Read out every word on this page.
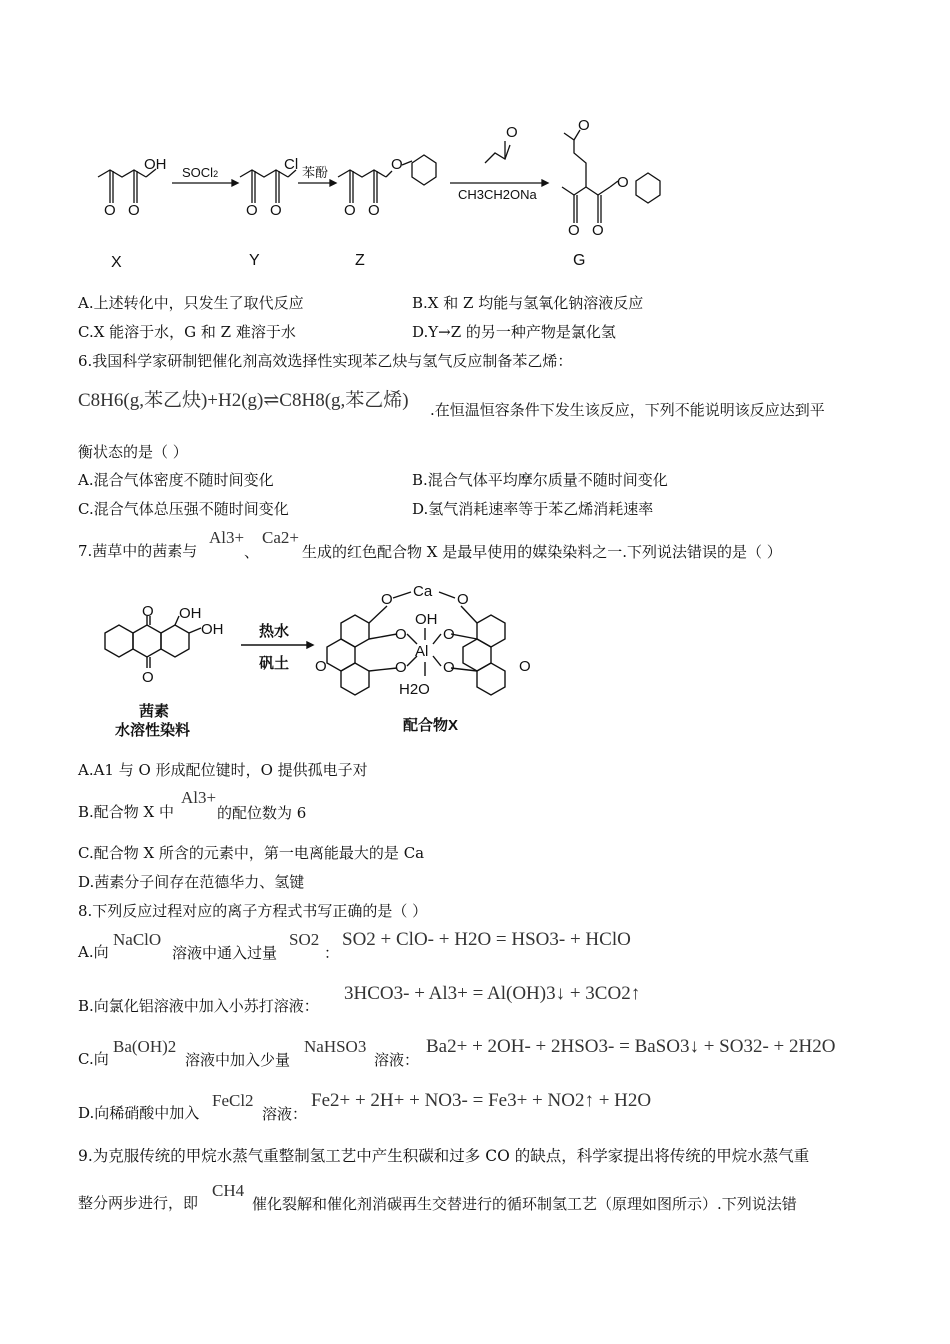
OH
O O
Cl
O O
O
O O
O
O
O O
O
SOCl2	苯酚
CH3CH2ONa
X	Y	Z	G
A.上述转化中，只发生了取代反应	B.X 和 Z 均能与氢氧化钠溶液反应
C.X 能溶于水，G 和 Z 难溶于水	D.Y→Z 的另一种产物是氯化氢
6.我国科学家研制钯催化剂高效选择性实现苯乙炔与氢气反应制备苯乙烯：
C8H6(g,苯乙炔)+H2(g)⇌C8H8(g,苯乙烯) .在恒温恒容条件下发生该反应，下列不能说明该反应达到平
衡状态的是（ ）
A.混合气体密度不随时间变化	B.混合气体平均摩尔质量不随时间变化
C.混合气体总压强不随时间变化	D.氢气消耗速率等于苯乙烯消耗速率
7.茜草中的茜素与
Al3+
、
Ca2+
生成的红色配合物 X 是最早使用的媒染染料之一.下列说法错误的是（ ）
OH
OH
O
O
热水
矾土
茜素
水溶性染料
O Ca O
OH
O O
Al
O O
O	O
H2O
配合物X
A.A1 与 O 形成配位键时，O 提供孤电子对
B.配合物 X 中
Al3+
的配位数为 6
C.配合物 X 所含的元素中，第一电离能最大的是 Ca
D.茜素分子间存在范德华力、氢键
8.下列反应过程对应的离子方程式书写正确的是（ ）
A.向
NaClO
溶液中通入过量
SO2
：
SO2 + ClO- + H2O = HSO3- + HClO
B.向氯化铝溶液中加入小苏打溶液：
3HCO3- + Al3+ = Al(OH)3↓ + 3CO2↑
C.向
Ba(OH)2
溶液中加入少量
NaHSO3
溶液：
Ba2+ + 2OH- + 2HSO3- = BaSO3↓ + SO32- + 2H2O
D.向稀硝酸中加入
FeCl2
溶液：
Fe2+ + 2H+ + NO3- = Fe3+ + NO2↑ + H2O
9.为克服传统的甲烷水蒸气重整制氢工艺中产生积碳和过多 CO 的缺点，科学家提出将传统的甲烷水蒸气重
整分两步进行，即
CH4
催化裂解和催化剂消碳再生交替进行的循环制氢工艺（原理如图所示）.下列说法错
